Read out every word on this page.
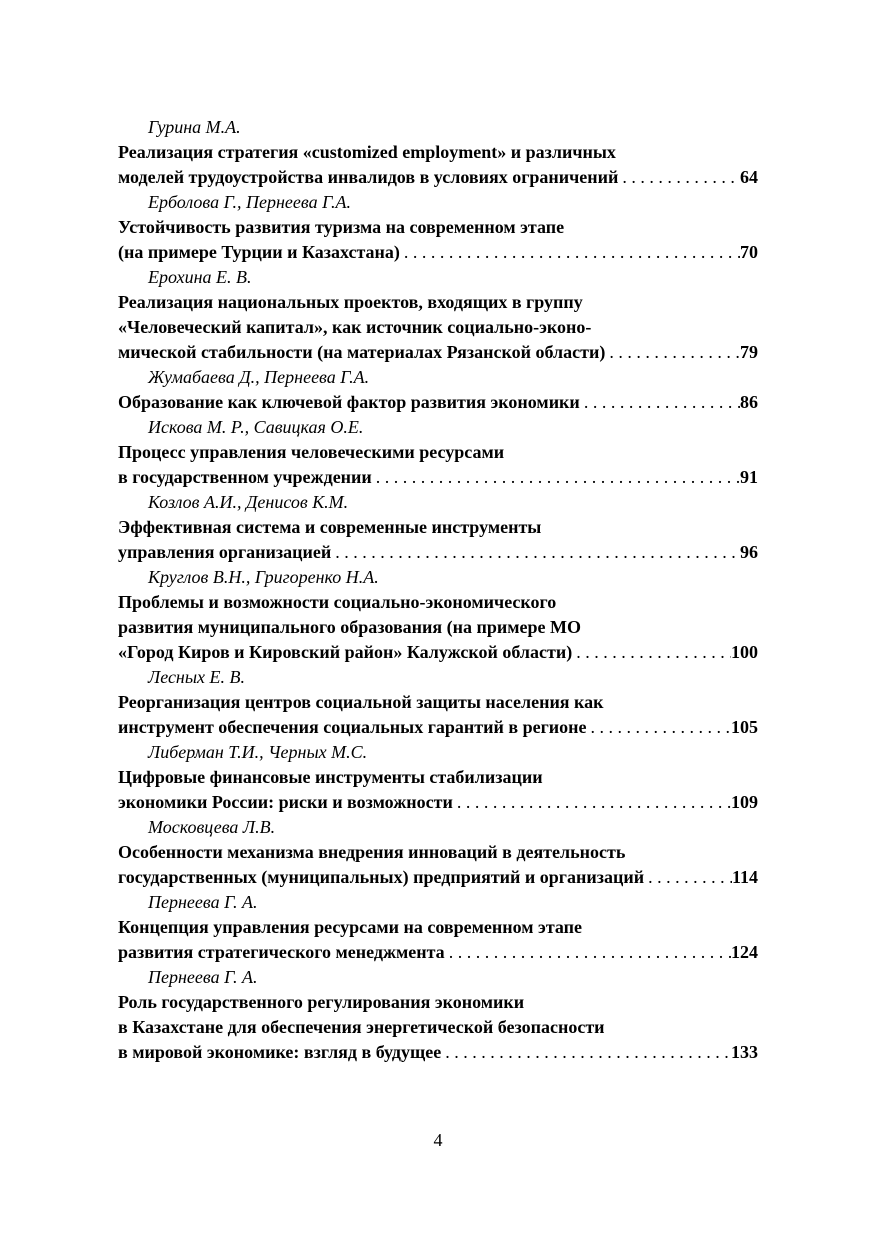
Гурина М.А.
Реализация стратегия «customized employment» и различных
моделей трудоустройства инвалидов в условиях ограничений . . .	64
Ерболова Г., Пернеева Г.А.
Устойчивость развития туризма на современном этапе
(на примере Турции и Казахстана) . . .	70
Ерохина Е. В.
Реализация национальных проектов, входящих в группу
«Человеческий капитал», как источник социально-эконо-
мической стабильности (на материалах Рязанской области) . . .	79
Жумабаева Д., Пернеева Г.А.
Образование как ключевой фактор развития экономики . . .	86
Искова М. Р., Савицкая О.Е.
Процесс управления человеческими ресурсами
в государственном учреждении . . .	91
Козлов А.И., Денисов К.М.
Эффективная система и современные инструменты
управления организацией . . .	96
Круглов В.Н., Григоренко Н.А.
Проблемы и возможности социально-экономического
развития муниципального образования (на примере МО
«Город Киров и Кировский район» Калужской области) . . .	100
Лесных Е. В.
Реорганизация центров социальной защиты населения как
инструмент обеспечения социальных гарантий в регионе . . .	105
Либерман Т.И., Черных М.С.
Цифровые финансовые инструменты стабилизации
экономики России: риски и возможности . . .	109
Московцева Л.В.
Особенности механизма внедрения инноваций в деятельность
государственных (муниципальных) предприятий и организаций . . .	114
Пернеева Г. А.
Концепция управления ресурсами на современном этапе
развития стратегического менеджмента . . .	124
Пернеева Г. А.
Роль государственного регулирования экономики
в Казахстане для обеспечения энергетической безопасности
в мировой экономике: взгляд в будущее . . .	133
4
